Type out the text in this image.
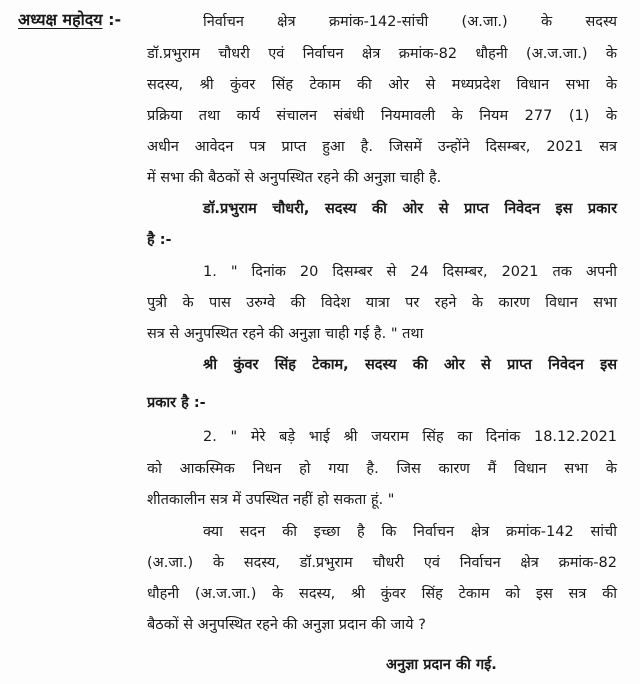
अध्यक्ष महोदय :-	निर्वाचन क्षेत्र क्रमांक-142-सांची (अ.जा.) के सदस्य
डॉ.प्रभुराम चौधरी एवं निर्वाचन क्षेत्र क्रमांक-82 धौहनी (अ.ज.जा.) के
सदस्य, श्री कुंवर सिंह टेकाम की ओर से मध्यप्रदेश विधान सभा के
प्रक्रिया तथा कार्य संचालन संबंधी नियमावली के नियम 277 (1) के
अधीन आवेदन पत्र प्राप्त हुआ है. जिसमें उन्होंने दिसम्बर, 2021 सत्र
में सभा की बैठकों से अनुपस्थित रहने की अनुज्ञा चाही है.
डॉ.प्रभुराम चौधरी, सदस्य की ओर से प्राप्त निवेदन इस प्रकार
है :-
1. " दिनांक 20 दिसम्बर से 24 दिसम्बर, 2021 तक अपनी
पुत्री के पास उरुग्वे की विदेश यात्रा पर रहने के कारण विधान सभा
सत्र से अनुपस्थित रहने की अनुज्ञा चाही गई है. " तथा
श्री कुंवर सिंह टेकाम, सदस्य की ओर से प्राप्त निवेदन इस
प्रकार है :-
2. " मेरे बड़े भाई श्री जयराम सिंह का दिनांक 18.12.2021
को आकस्मिक निधन हो गया है. जिस कारण मैं विधान सभा के
शीतकालीन सत्र में उपस्थित नहीं हो सकता हूं. "
क्या सदन की इच्छा है कि निर्वाचन क्षेत्र क्रमांक-142 सांची
(अ.जा.) के सदस्य, डॉ.प्रभुराम चौधरी एवं निर्वाचन क्षेत्र क्रमांक-82
धौहनी (अ.ज.जा.) के सदस्य, श्री कुंवर सिंह टेकाम को इस सत्र की
बैठकों से अनुपस्थित रहने की अनुज्ञा प्रदान की जाये ?
अनुज्ञा प्रदान की गई.
